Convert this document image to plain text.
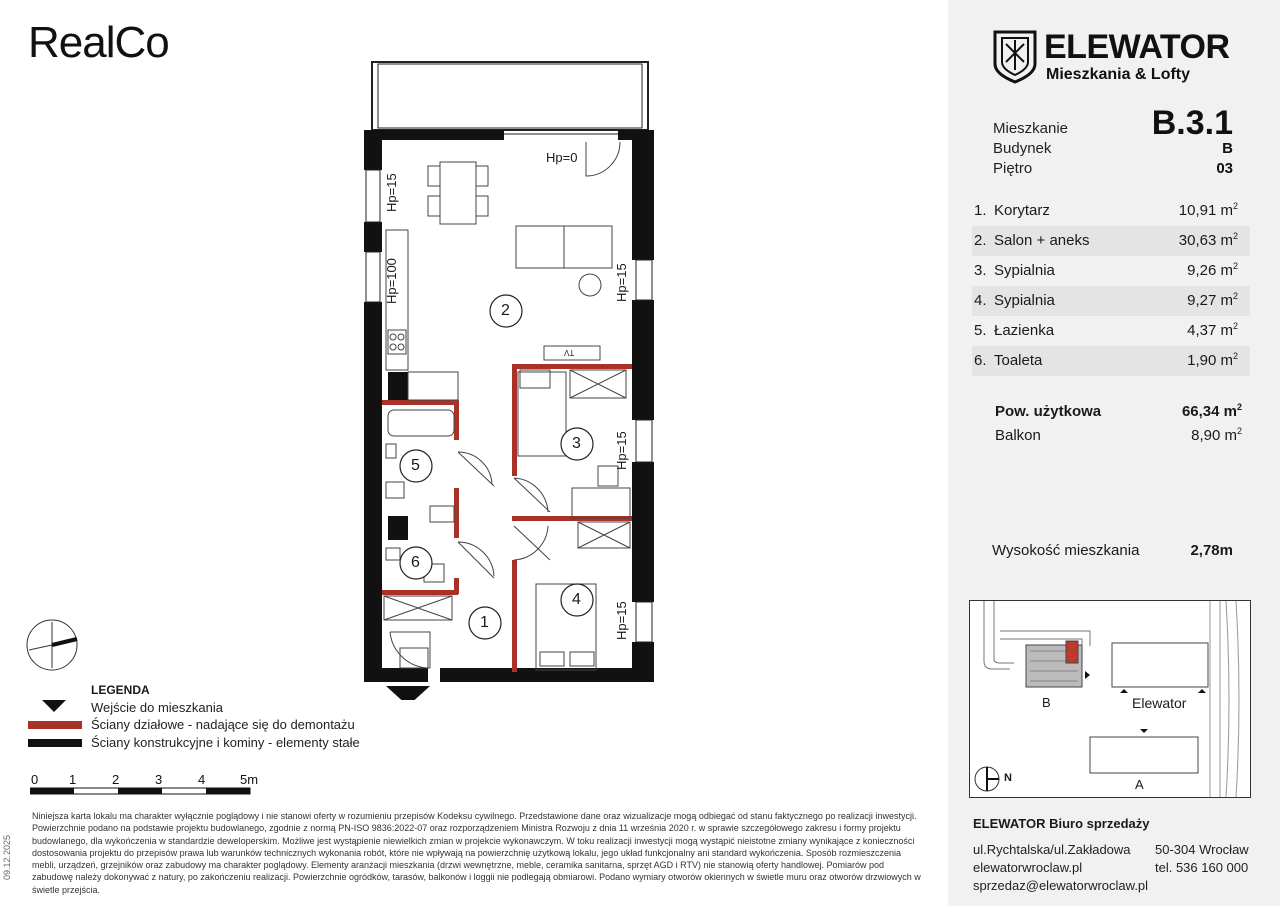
RealCo	ELEWATOR
Mieszkania & Lofty
Mieszkanie B.3.1
Budynek	B
Piętro	03
1. Korytarz	10,91 $m^2$
2. Salon + aneks	30,63 $m^2$
3. Sypialnia	9,26 $m^2$
4. Sypialnia	9,27 $m^2$
5. Łazienka	4,37 $m^2$
6. Toaleta	1,90 $m^2$
Pow. użytkowa	66,34 $m^2$
Balkon	8,90 $m^2$
Wysokość mieszkania	2,78m
B	Elewator
A
N
ELEWATOR Biuro sprzedaży
ul.Rychtalska/ul.Zakładowa 50-304 Wrocław
elewatorwroclaw.pl	tel. 536 160 000
sprzedaz@elewatorwroclaw.pl
2
3
4
5
6
1
Hp=0
Hp=15
Hp=100	Hp=15
Hp=15
Hp=15
TV
LEGENDA
Wejście do mieszkania
Ściany działowe - nadające się do demontażu
Ściany konstrukcyjne i kominy - elementy stałe
0 1	2	3	4	5m
Niniejsza karta lokalu ma charakter wyłącznie poglądowy i nie stanowi oferty w rozumieniu przepisów Kodeksu cywilnego. Przedstawione dane oraz wizualizacje mogą odbiegać od stanu faktycznego po realizacji inwestycji. Powierzchnie podano na podstawie projektu budowlanego, zgodnie z normą PN-ISO 9836:2022-07 oraz rozporządzeniem Ministra Rozwoju z dnia 11 września 2020 r. w sprawie szczegółowego zakresu i formy projektu budowlanego, dla wykończenia w standardzie deweloperskim. Możliwe jest wystąpienie niewielkich zmian w projekcie wykonawczym. W toku realizacji inwestycji mogą wystąpić nieistotne zmiany wynikające z konieczności dostosowania projektu do przepisów prawa lub warunków technicznych wykonania robót, które nie wpływają na powierzchnię użytkową lokalu, jego układ funkcjonalny ani standard wykończenia. Sposób rozmieszczenia mebli, urządzeń, grzejników oraz zabudowy ma charakter poglądowy. Elementy aranżacji mieszkania (drzwi wewnętrzne, meble, ceramika sanitarna, sprzęt AGD i RTV) nie stanowią oferty handlowej. Pomiarów pod zabudowę należy dokonywać z natury, po zakończeniu realizacji. Powierzchnie ogródków, tarasów, balkonów i loggii nie podlegają obmiarowi. Podano wymiary otworów okiennych w świetle muru oraz otworów drzwiowych w świetle przejścia.
09.12.2025
